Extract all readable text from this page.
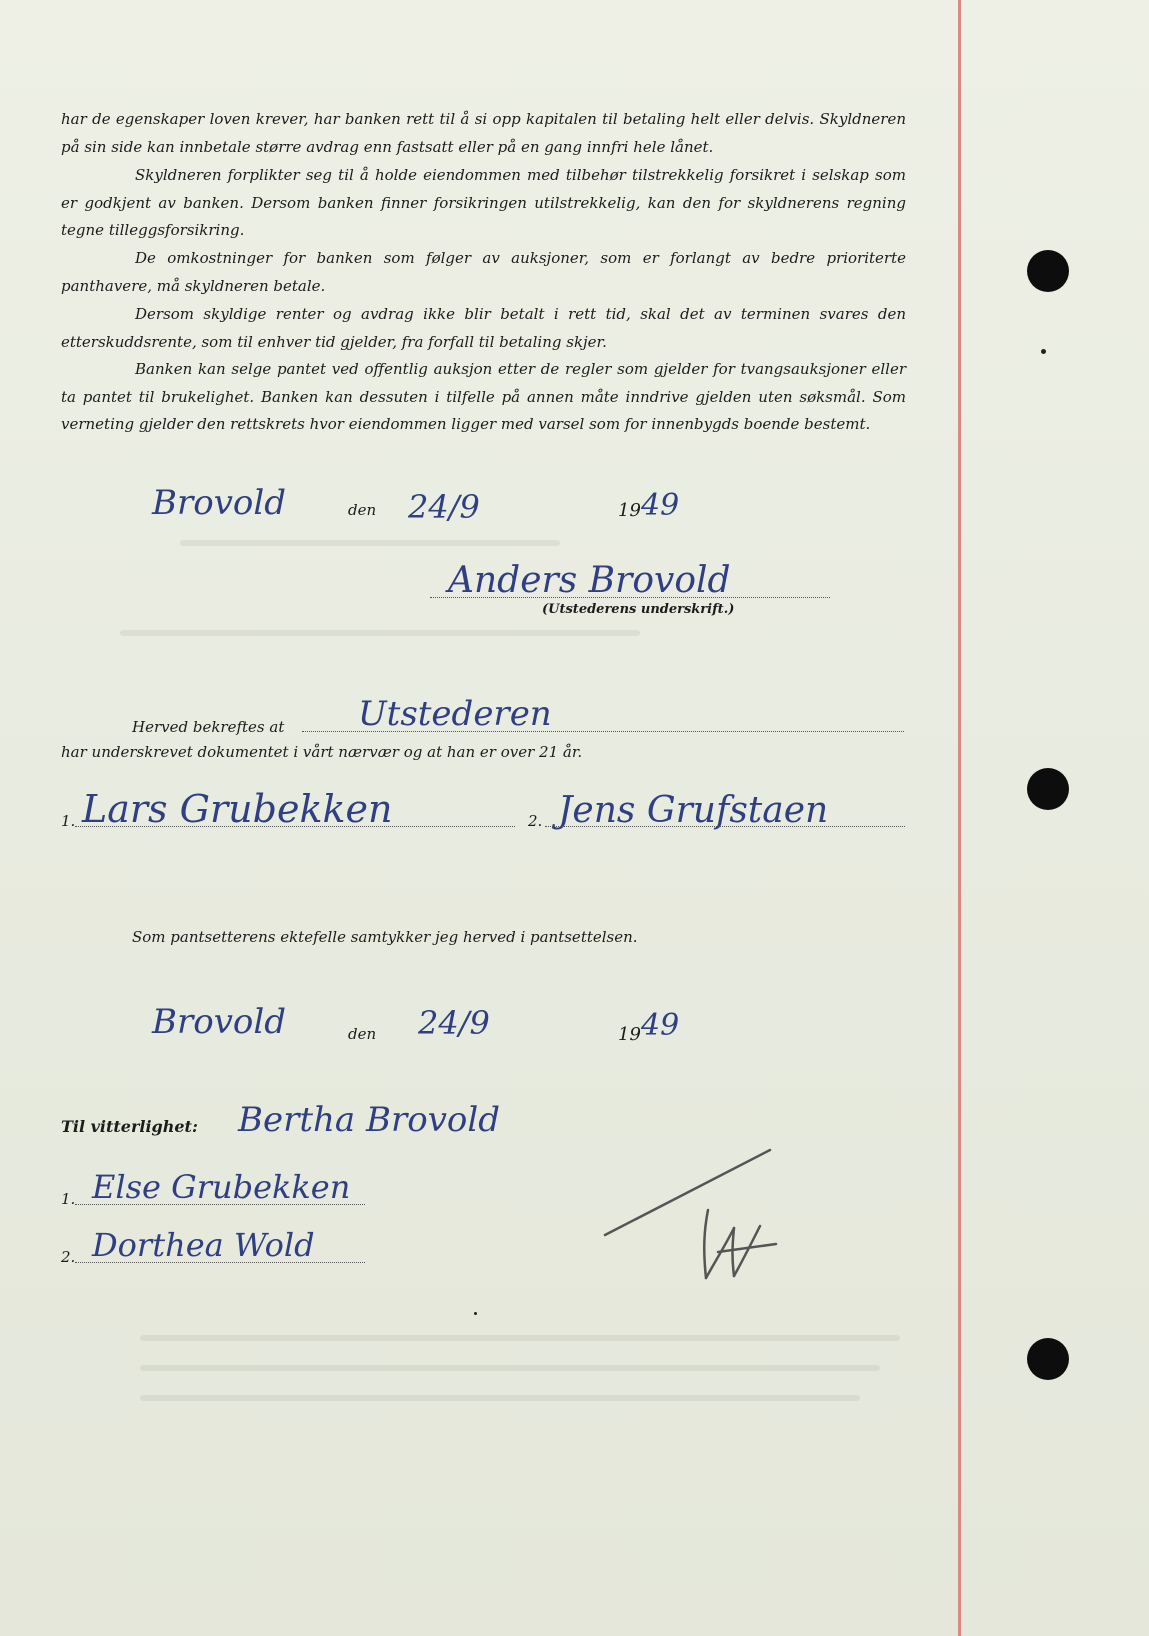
har de egenskaper loven krever, har banken rett til å si opp kapitalen til betaling helt eller delvis. Skyldneren på sin side kan innbetale større avdrag enn fastsatt eller på en gang innfri hele lånet.

Skyldneren forplikter seg til å holde eiendommen med tilbehør tilstrekkelig forsikret i selskap som er godkjent av banken. Dersom banken finner forsikringen utilstrekkelig, kan den for skyldnerens regning tegne tilleggsforsikring.

De omkostninger for banken som følger av auksjoner, som er forlangt av bedre prioriterte panthavere, må skyldneren betale.

Dersom skyldige renter og avdrag ikke blir betalt i rett tid, skal det av terminen svares den etterskuddsrente, som til enhver tid gjelder, fra forfall til betaling skjer.

Banken kan selge pantet ved offentlig auksjon etter de regler som gjelder for tvangsauksjoner eller ta pantet til brukelighet. Banken kan dessuten i tilfelle på annen måte inndrive gjelden uten søksmål. Som verneting gjelder den rettskrets hvor eiendommen ligger med varsel som for innenbygds boende bestemt.

Brovold	den 24/9	19 49
Anders Brovold
(Utstederens underskrift.)
Herved bekreftes at Utstederen
har underskrevet dokumentet i vårt nærvær og at han er over 21 år.
1. Lars Grubekken	2. Jens Grufstaen
Som pantsetterens ektefelle samtykker jeg herved i pantsettelsen.
Brovold	den 24/9	19 49
Til vitterlighet: Bertha Brovold
1. Else Grubekken
2. Dorthea Wold
